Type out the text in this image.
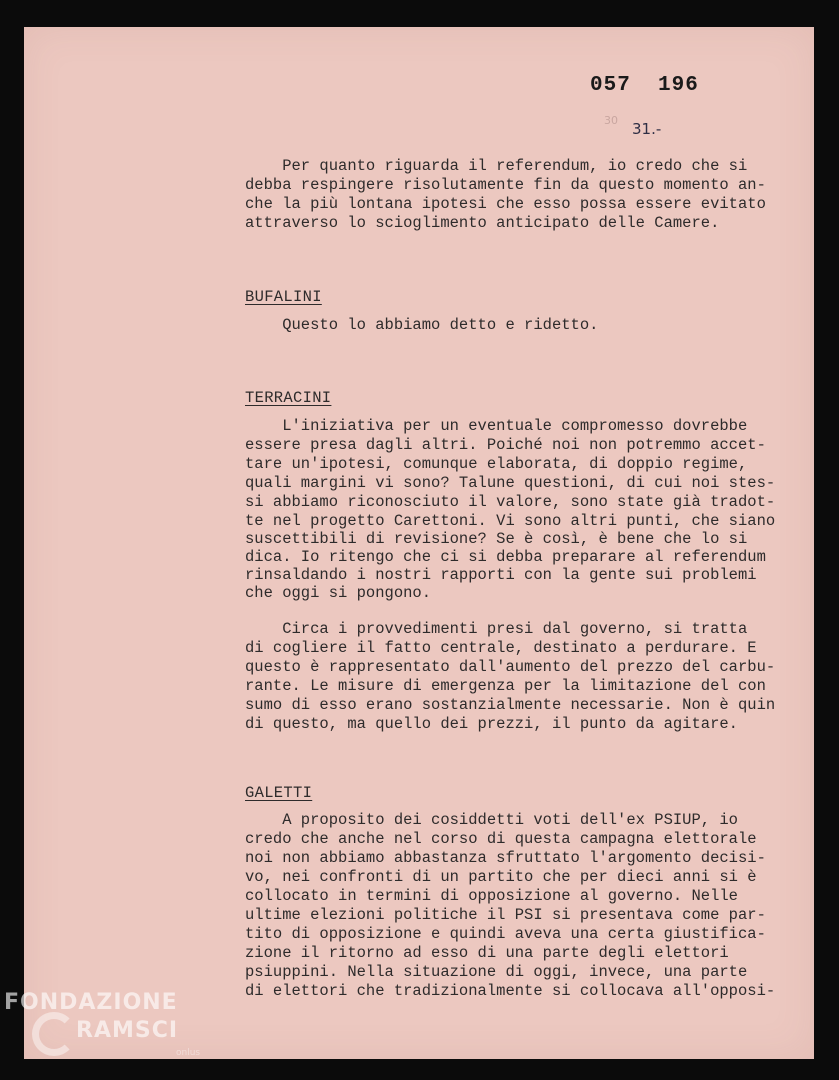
057  196
30 31.-
Per quanto riguarda il referendum, io credo che si
debba respingere risolutamente fin da questo momento an-
che la più lontana ipotesi che esso possa essere evitato
attraverso lo scioglimento anticipato delle Camere.
BUFALINI
Questo lo abbiamo detto e ridetto.
TERRACINI
L'iniziativa per un eventuale compromesso dovrebbe
essere presa dagli altri. Poiché noi non potremmo accet-
tare un'ipotesi, comunque elaborata, di doppio regime,
quali margini vi sono? Talune questioni, di cui noi stes-
si abbiamo riconosciuto il valore, sono state già tradot-
te nel progetto Carettoni. Vi sono altri punti, che siano
suscettibili di revisione? Se è così, è bene che lo si
dica. Io ritengo che ci si debba preparare al referendum
rinsaldando i nostri rapporti con la gente sui problemi
che oggi si pongono.
Circa i provvedimenti presi dal governo, si tratta
di cogliere il fatto centrale, destinato a perdurare. E
questo è rappresentato dall'aumento del prezzo del carbu-
rante. Le misure di emergenza per la limitazione del con
sumo di esso erano sostanzialmente necessarie. Non è quin
di questo, ma quello dei prezzi, il punto da agitare.
GALETTI
A proposito dei cosiddetti voti dell'ex PSIUP, io
credo che anche nel corso di questa campagna elettorale
noi non abbiamo abbastanza sfruttato l'argomento decisi-
vo, nei confronti di un partito che per dieci anni si è
collocato in termini di opposizione al governo. Nelle
ultime elezioni politiche il PSI si presentava come par-
tito di opposizione e quindi aveva una certa giustifica-
zione il ritorno ad esso di una parte degli elettori
psiuppini. Nella situazione di oggi, invece, una parte
di elettori che tradizionalmente si collocava all'opposi-
FONDAZIONE
RAMSCI
onlus
